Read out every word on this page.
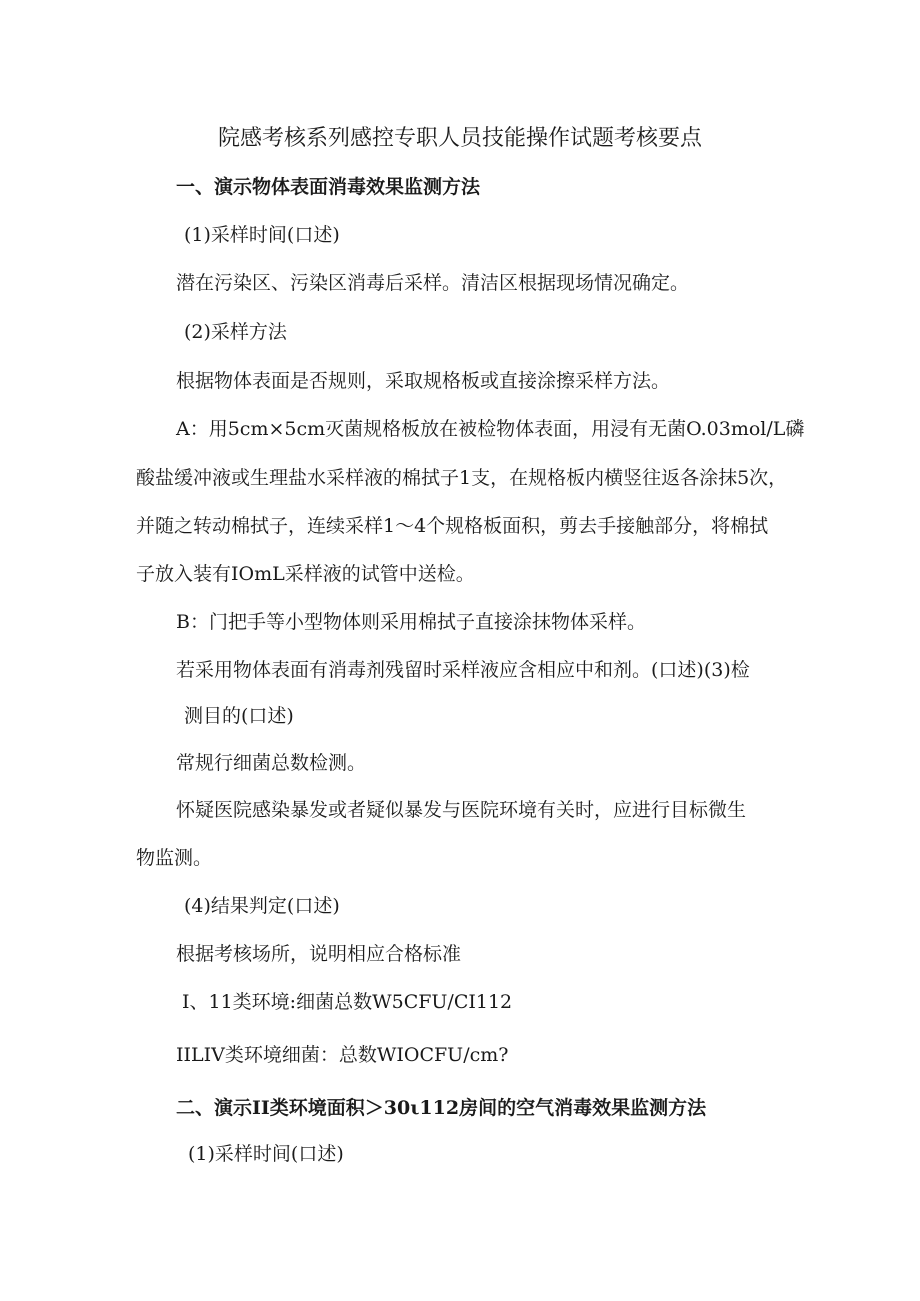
院感考核系列感控专职人员技能操作试题考核要点
一、演示物体表面消毒效果监测方法
(1)采样时间(口述)
潜在污染区、污染区消毒后采样。清洁区根据现场情况确定。
(2)采样方法
根据物体表面是否规则，采取规格板或直接涂擦采样方法。
A：用5cm×5cm灭菌规格板放在被检物体表面，用浸有无菌O.03mol∕L磷
酸盐缓冲液或生理盐水采样液的棉拭子1支，在规格板内横竖往返各涂抹5次，
并随之转动棉拭子，连续采样1〜4个规格板面积，剪去手接触部分，将棉拭
子放入装有IOmL采样液的试管中送检。
B：门把手等小型物体则采用棉拭子直接涂抹物体采样。
若采用物体表面有消毒剂残留时采样液应含相应中和剂。(口述)(3)检
测目的(口述)
常规行细菌总数检测。
怀疑医院感染暴发或者疑似暴发与医院环境有关时，应进行目标微生
物监测。
(4)结果判定(口述)
根据考核场所，说明相应合格标准
I、11类环境:细菌总数W5CFU∕CI112
IILIV类环境细菌：总数WIOCFU/cm?
二、演示II类环境面积＞30ι112房间的空气消毒效果监测方法
(1)采样时间(口述)
